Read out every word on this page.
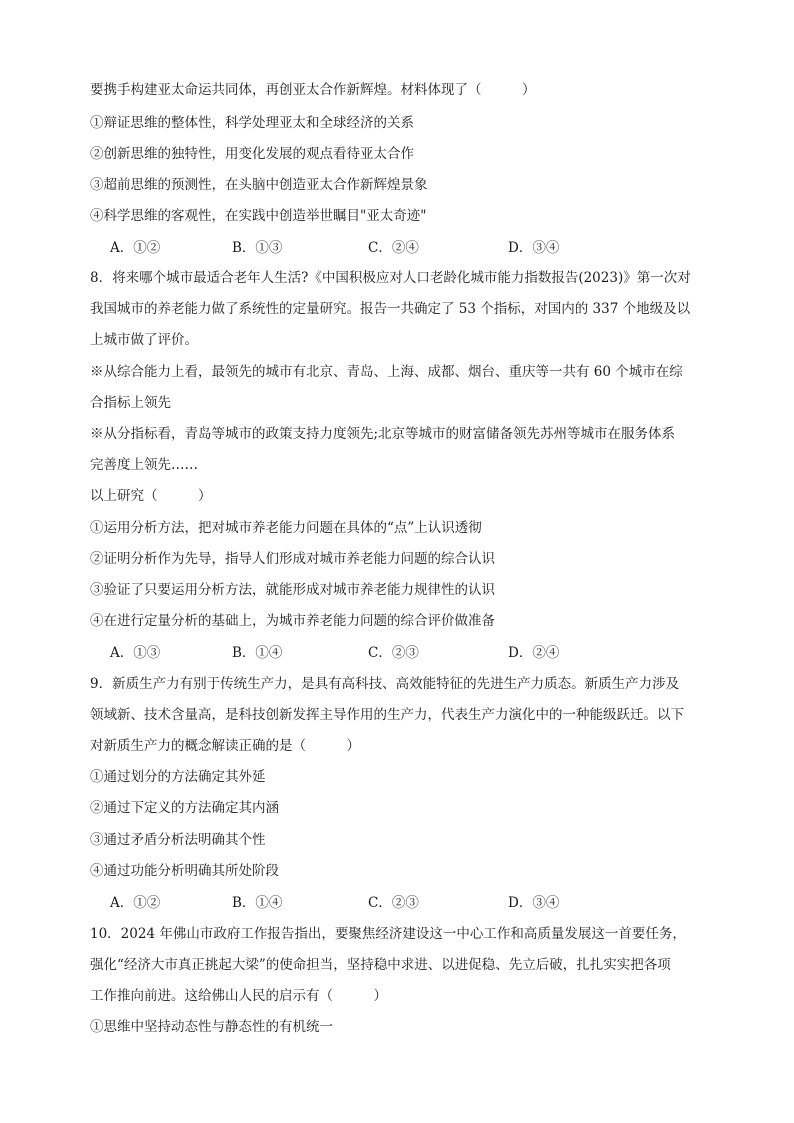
要携手构建亚太命运共同体，再创亚太合作新辉煌。材料体现了（　　　）
①辩证思维的整体性，科学处理亚太和全球经济的关系
②创新思维的独特性，用变化发展的观点看待亚太合作
③超前思维的预测性，在头脑中创造亚太合作新辉煌景象
④科学思维的客观性，在实践中创造举世瞩目"亚太奇迹"
A．①②	B．①③	C．②④	D．③④
8．将来哪个城市最适合老年人生活?《中国积极应对人口老龄化城市能力指数报告(2023)》第一次对
我国城市的养老能力做了系统性的定量研究。报告一共确定了 53 个指标，对国内的 337 个地级及以
上城市做了评价。
※从综合能力上看，最领先的城市有北京、青岛、上海、成都、烟台、重庆等一共有 60 个城市在综
合指标上领先
※从分指标看，青岛等城市的政策支持力度领先;北京等城市的财富储备领先苏州等城市在服务体系
完善度上领先……
以上研究（　　　）
①运用分析方法，把对城市养老能力问题在具体的“点”上认识透彻
②证明分析作为先导，指导人们形成对城市养老能力问题的综合认识
③验证了只要运用分析方法，就能形成对城市养老能力规律性的认识
④在进行定量分析的基础上，为城市养老能力问题的综合评价做准备
A．①③	B．①④	C．②③	D．②④
9．新质生产力有别于传统生产力，是具有高科技、高效能特征的先进生产力质态。新质生产力涉及
领域新、技术含量高，是科技创新发挥主导作用的生产力，代表生产力演化中的一种能级跃迁。以下
对新质生产力的概念解读正确的是（　　　）
①通过划分的方法确定其外延
②通过下定义的方法确定其内涵
③通过矛盾分析法明确其个性
④通过功能分析明确其所处阶段
A．①②	B．①④	C．②③	D．③④
10．2024 年佛山市政府工作报告指出，要聚焦经济建设这一中心工作和高质量发展这一首要任务，
强化“经济大市真正挑起大梁”的使命担当，坚持稳中求进、以进促稳、先立后破，扎扎实实把各项
工作推向前进。这给佛山人民的启示有（　　　）
①思维中坚持动态性与静态性的有机统一
